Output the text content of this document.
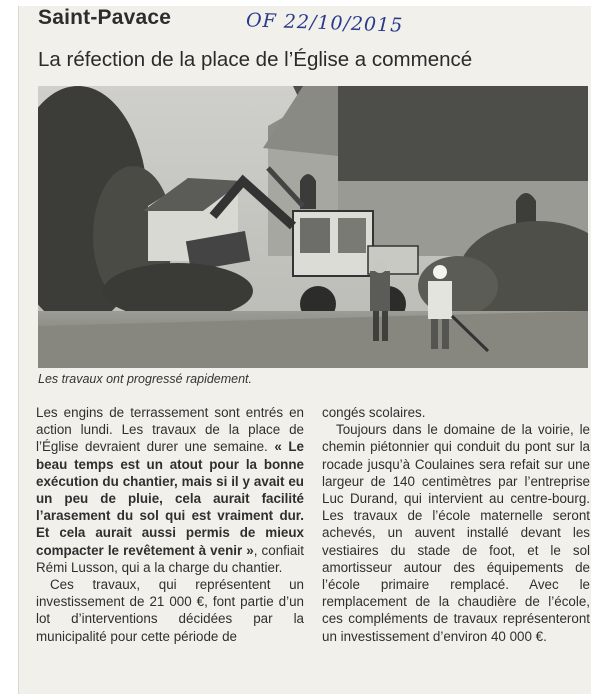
Saint-Pavace	OF 22/10/2015
La réfection de la place de l’Église a commencé
Les travaux ont progressé rapidement.

Les engins de terrassement sont entrés en action lundi. Les travaux de la place de l’Église devraient durer une semaine. « Le beau temps est un atout pour la bonne exécution du chantier, mais si il y avait eu un peu de pluie, cela aurait facilité l’arasement du sol qui est vraiment dur. Et cela aurait aussi permis de mieux compacter le revêtement à venir », confiait Rémi Lusson, qui a la charge du chantier.

Ces travaux, qui représentent un investissement de 21 000 €, font partie d’un lot d’interventions décidées par la municipalité pour cette période de

congés scolaires.

Toujours dans le domaine de la voirie, le chemin piétonnier qui conduit du pont sur la rocade jusqu’à Coulaines sera refait sur une largeur de 140 centimètres par l’entreprise Luc Durand, qui intervient au centre-bourg. Les travaux de l’école maternelle seront achevés, un auvent installé devant les vestiaires du stade de foot, et le sol amortisseur autour des équipements de l’école primaire remplacé. Avec le remplacement de la chaudière de l’école, ces compléments de travaux représenteront un investissement d’environ 40 000 €.
